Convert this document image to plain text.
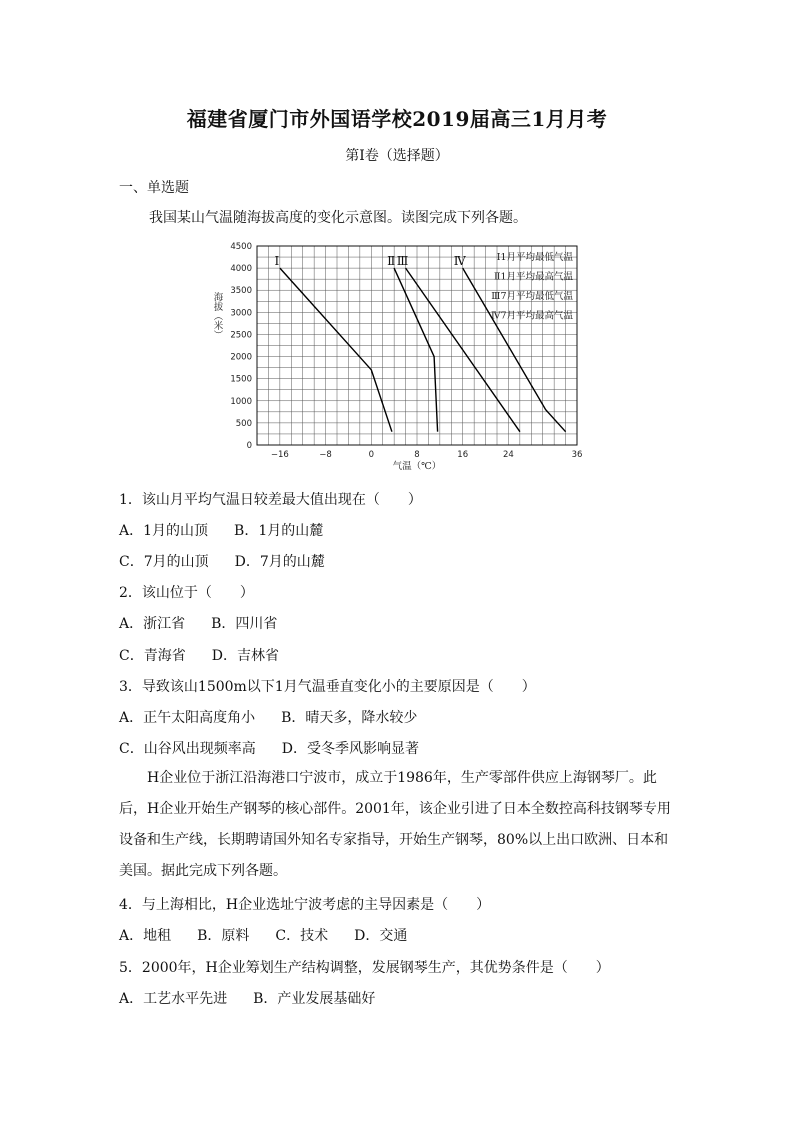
福建省厦门市外国语学校2019届高三1月月考
第Ⅰ卷（选择题）
一、单选题
我国某山气温随海拔高度的变化示意图。读图完成下列各题。
0
500
1000
1500
2000
2500
3000
3500
4000
4500
−16	−8	0	8	16	24	36
气温（℃）
海拔（米）
Ⅰ	Ⅱ Ⅲ	Ⅳ	Ⅰ1月平均最低气温
Ⅱ1月平均最高气温
Ⅲ7月平均最低气温
Ⅳ7月平均最高气温
1．该山月平均气温日较差最大值出现在（　　）
A．1月的山顶 B．1月的山麓
C．7月的山顶 D．7月的山麓
2．该山位于（　　）
A．浙江省 B．四川省
C．青海省 D．吉林省
3．导致该山1500m以下1月气温垂直变化小的主要原因是（　　）
A．正午太阳高度角小 B．晴天多，降水较少
C．山谷风出现频率高 D．受冬季风影响显著
H企业位于浙江沿海港口宁波市，成立于1986年，生产零部件供应上海钢琴厂。此后，H企业开始生产钢琴的核心部件。2001年，该企业引进了日本全数控高科技钢琴专用设备和生产线，长期聘请国外知名专家指导，开始生产钢琴，80%以上出口欧洲、日本和美国。据此完成下列各题。
4．与上海相比，H企业选址宁波考虑的主导因素是（　　）
A．地租 B．原料 C．技术 D．交通
5．2000年，H企业筹划生产结构调整，发展钢琴生产，其优势条件是（　　）
A．工艺水平先进 B．产业发展基础好
